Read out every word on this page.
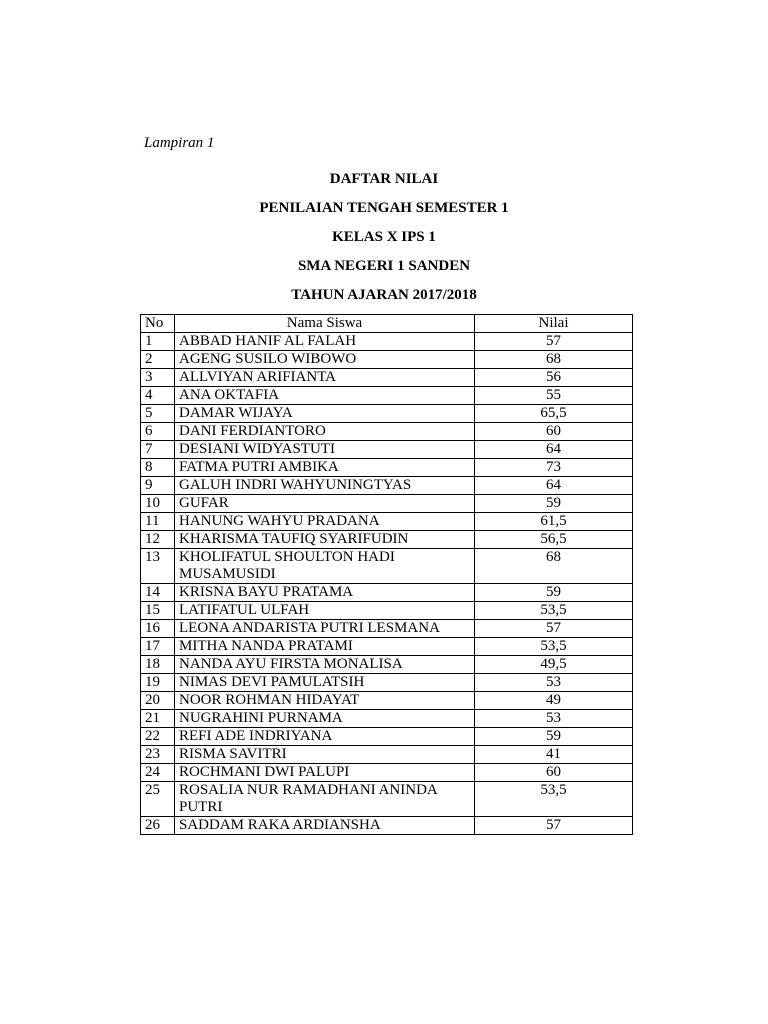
Lampiran 1
DAFTAR NILAI
PENILAIAN TENGAH SEMESTER 1
KELAS X IPS 1
SMA NEGERI 1 SANDEN
TAHUN AJARAN 2017/2018
No	Nama Siswa	Nilai
1	ABBAD HANIF AL FALAH	57
2	AGENG SUSILO WIBOWO	68
3	ALLVIYAN ARIFIANTA	56
4	ANA OKTAFIA	55
5	DAMAR WIJAYA	65,5
6	DANI FERDIANTORO	60
7	DESIANI WIDYASTUTI	64
8	FATMA PUTRI AMBIKA	73
9	GALUH INDRI WAHYUNINGTYAS	64
10	GUFAR	59
11	HANUNG WAHYU PRADANA	61,5
12	KHARISMA TAUFIQ SYARIFUDIN	56,5
13	KHOLIFATUL SHOULTON HADI MUSAMUSIDI	68
14	KRISNA BAYU PRATAMA	59
15	LATIFATUL ULFAH	53,5
16	LEONA ANDARISTA PUTRI LESMANA	57
17	MITHA NANDA PRATAMI	53,5
18	NANDA AYU FIRSTA MONALISA	49,5
19	NIMAS DEVI PAMULATSIH	53
20	NOOR ROHMAN HIDAYAT	49
21	NUGRAHINI PURNAMA	53
22	REFI ADE INDRIYANA	59
23	RISMA SAVITRI	41
24	ROCHMANI DWI PALUPI	60
25	ROSALIA NUR RAMADHANI ANINDA PUTRI	53,5
26	SADDAM RAKA ARDIANSHA	57
